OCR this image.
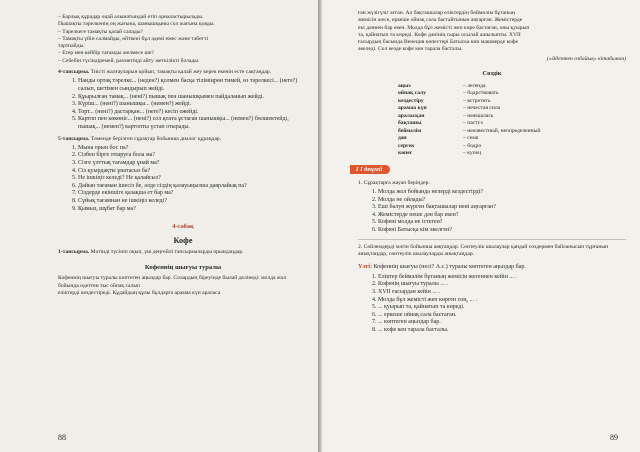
– Барлық құрадар оцай алынатындай етіп орналастырылады.
Пышақты тәрелкенің оң жағына, шанышқыны сол жағына қояды.
– Тәрелкеге тамақты қалай салады?
– Тамақты үйін салмайды, өйткені бұл әдемі емес және тәбетті
тартпайды.
– Егер мен кейбір тағамды желмесе ше?
– Себебін түсіндіремей, рахметіңді айту жеткілікті болады.

4-тапсырма. Тиісті жалғауларын қойып, тамақты қалай жеу керек екенін есте сақтаңдар.

1. Нанды ортақ тәрелке... (неден?) қолмен басқа тіліміңрөн тимей, өз тәрелкесі... (неге?) салып, шетімен сындырып жейді.
2. Құырылған тамақ... (нені?) пышақ пен шанышқымен пайдаланып жейді.
3. Күріш... (нені?) шанышқы... (немен?) жейді.
4. Торт... (нені?) дастарқан... (неге?) кесіп ожейді.
5. Картоп пен көкөніс... (нені?) сол қолға ұстаған шанышқы... (немен?) бөлшектейді, пышақ... (немен?) картопты үстап отырады.

5-тапсырма. Төменде берілген сұрақтар бойынша диалог құраңдар.

1. Мына орын бос па?
2. Сізбен бірге отыруға бола ма?
3. Сізге үлттық тағамдар ұнай ма?
4. Сіз қуырдақты ұнатасыз ба?
5. Не ішкіңіз келеді? Не қалайсыз?
6. Дайын тағаман ішесіз бе, әлде сіздің қалауыңызша даярлайық па?
7. Сіздерде екіншіге қазақша ет бар ма?
8. Сүйық тағамнан не ішкіңіз келеді?
9. Қымыз, шұбат бар ма?
4-сабақ
Кофе

1-тапсырма. Мәтінді түсініп оқып, үш деңгейлі тапсырмаларды орындаңдар.

Кофеннің шығуы туралы
Кофеннің шығуы туралы көптеген аңыздар бар. Солардың біреуінде былай делінеді: молда жол бойында өдеттен тыс ойнақ салып
еліктерді кездестіреді. Құдайдың құлы бұлдарға арамаа күн араласа
88
ған жүзігүзіг ағған. Ал бақташылар еліктердің бөймөлім бұтаның
жемісін жесе, еркеше ойнақ сала бастайтынын аңғарған. Жемістерде
екі дәннен бар екен. Молда бұл жемісті жеп көре бастаған, оны қуырып
та, қайнатып та көреді. Кофе дәнінің сыры осылай ашылыпты. XVII
ғасырдың басында Венеция көпестері Батыска кин машмерде кофе
әкеледі. Сол кезде кофе кен тарала басталы.
(«Әдептен озбайық» кітабынан)
Сөздік
аңыз	– легенда
ойнақ салу	– бодрствовать
кездестіру	– встретить
арамаа күн	– нечестая сила
араласқан	– имешалась
бақташы	– пастух
беймәлім	– неизвестный, неопределенный
дән	– семя
сергек	– бодро
көпес	– купец
І І деңгей

1. Сұрақтарға жауап беріңдер.

1. Молда жол бойында нелерді кездестірді?
2. Молда не ойлады?
3. Еші балун жүрген бақташылар нені аңғарған?
4. Жемістерде неше дән бар екен?
5. Кофені молда не істеген?
6. Кофені Батысқа кім әкелген?

2. Сөйлемдерді мәтін бойынша аяқтаңдар. Сөнтеулік шылаулар қандай сөздермен байланысып тұрғанын анықтаңдар, сөнтеулік шылауларды анықтаңдар.

Үлгі: Кофеннің шығуы (несі? А.с.) туралы көптеген аңыздар бар.

1. Еліктер беймәлім бұтаның жемісін жегеннен кейін ... .
2. Кофенің шығуы туралы ... .
3. XVII ғасырдан кейін ... .
4. Молда бұл жемісті жеп көрген соң, ... .
5. ... қуырып та, қайнатып та көреді.
6. ... еркеше ойнақ сала бастаған.
7. ... көптеген аңыздар бар.
8. ... кофе кен тарала басталы.
89
